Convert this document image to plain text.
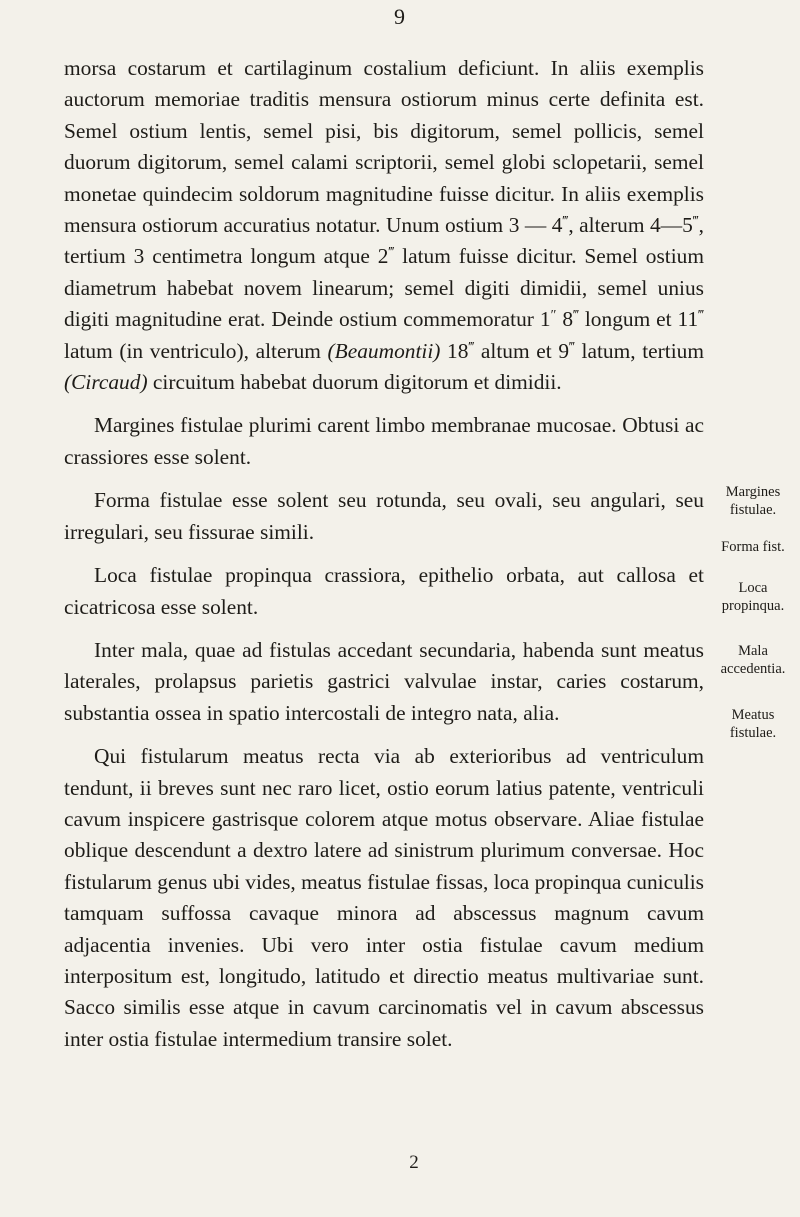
9

morsa costarum et cartilaginum costalium deficiunt. In aliis exemplis auctorum memoriae traditis mensura ostiorum minus certe definita est. Semel ostium lentis, semel pisi, bis digitorum, semel pollicis, semel duorum digitorum, semel calami scriptorii, semel globi sclopetarii, semel monetae quindecim soldorum magnitudine fuisse dicitur. In aliis exemplis mensura ostiorum accuratius notatur. Unum ostium 3 — 4‴, alterum 4—5‴, tertium 3 centimetra longum atque 2‴ latum fuisse dicitur. Semel ostium diametrum habebat novem linearum; semel digiti dimidii, semel unius digiti magnitudine erat. Deinde ostium commemoratur 1″ 8‴ longum et 11‴ latum (in ventriculo), alterum (Beaumontii) 18‴ altum et 9‴ latum, tertium (Circaud) circuitum habebat duorum digitorum et dimidii.

Margines fistulae plurimi carent limbo membranae mucosae. Obtusi ac crassiores esse solent.

Forma fistulae esse solent seu rotunda, seu ovali, seu angulari, seu irregulari, seu fissurae simili.

Loca fistulae propinqua crassiora, epithelio orbata, aut callosa et cicatricosa esse solent.

Inter mala, quae ad fistulas accedant secundaria, habenda sunt meatus laterales, prolapsus parietis gastrici valvulae instar, caries costarum, substantia ossea in spatio intercostali de integro nata, alia.

Qui fistularum meatus recta via ab exterioribus ad ventriculum tendunt, ii breves sunt nec raro licet, ostio eorum latius patente, ventriculi cavum inspicere gastrisque colorem atque motus observare. Aliae fistulae oblique descendunt a dextro latere ad sinistrum plurimum conversae. Hoc fistularum genus ubi vides, meatus fistulae fissas, loca propinqua cuniculis tamquam suffossa cavaque minora ad abscessus magnum cavum adjacentia invenies. Ubi vero inter ostia fistulae cavum medium interpositum est, longitudo, latitudo et directio meatus multivariae sunt. Sacco similis esse atque in cavum carcinomatis vel in cavum abscessus inter ostia fistulae intermedium transire solet.

Margines
fistulae.
Forma fist.
Loca
propinqua.
Mala
accedentia.
Meatus
fistulae.
2
